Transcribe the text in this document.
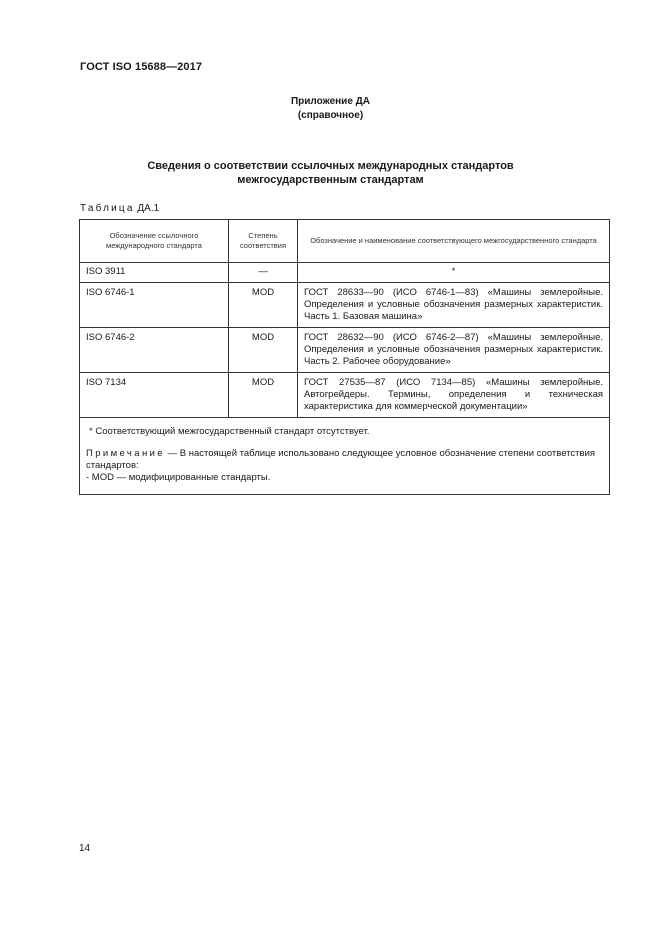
ГОСТ ISO 15688—2017
Приложение ДА
(справочное)
Сведения о соответствии ссылочных международных стандартов
межгосударственным стандартам
Таблица ДА.1
Обозначение ссылочного международного стандарта	Степень соответствия	Обозначение и наименование соответствующего межгосударственного стандарта
ISO 3911	—	*
ISO 6746-1	MOD	ГОСТ 28633—90 (ИСО 6746-1—83) «Машины землеройные. Определения и условные обозначения размерных характеристик. Часть 1. Базовая машина»
ISO 6746-2	MOD	ГОСТ 28632—90 (ИСО 6746-2—87) «Машины землеройные. Определения и условные обозначения размерных характеристик. Часть 2. Рабочее оборудование»
ISO 7134	MOD	ГОСТ 27535—87 (ИСО 7134—85) «Машины землеройные. Автогрейдеры. Термины, определения и техническая характеристика для коммерческой документации»

* Соответствующий межгосударственный стандарт отсутствует.
Примечание — В настоящей таблице использовано следующее условное обозначение степени соответствия стандартов:
- MOD — модифицированные стандарты.		
14
